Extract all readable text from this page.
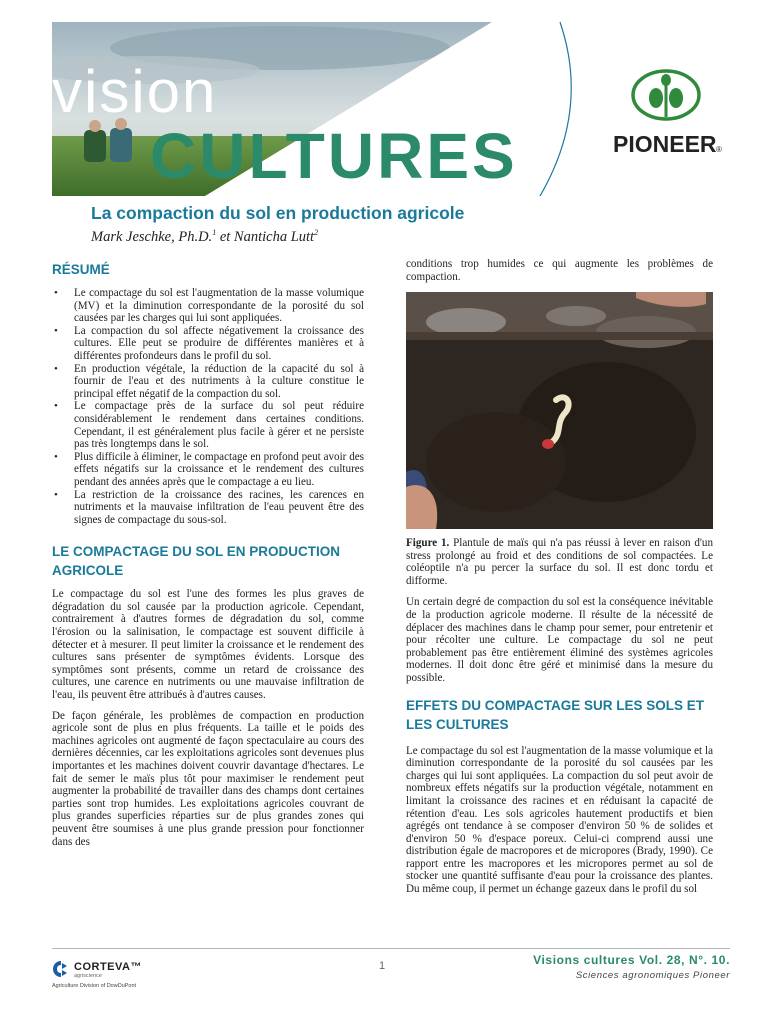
vision
CULTURES	PIONEER ®
La compaction du sol en production agricole
Mark Jeschke, Ph.D.$^1$ et Nanticha Lutt$^2$
RÉSUMÉ
• Le compactage du sol est l'augmentation de la masse volumique (MV) et la diminution correspondante de la porosité du sol causées par les charges qui lui sont appliquées.
• La compaction du sol affecte négativement la croissance des cultures. Elle peut se produire de différentes manières et à différentes profondeurs dans le profil du sol.
• En production végétale, la réduction de la capacité du sol à fournir de l'eau et des nutriments à la culture constitue le principal effet négatif de la compaction du sol.
• Le compactage près de la surface du sol peut réduire considérablement le rendement dans certaines conditions. Cependant, il est généralement plus facile à gérer et ne persiste pas très longtemps dans le sol.
• Plus difficile à éliminer, le compactage en profond peut avoir des effets négatifs sur la croissance et le rendement des cultures pendant des années après que le compactage a eu lieu.
• La restriction de la croissance des racines, les carences en nutriments et la mauvaise infiltration de l'eau peuvent être des signes de compactage du sous-sol.
LE COMPACTAGE DU SOL EN PRODUCTION AGRICOLE

Le compactage du sol est l'une des formes les plus graves de dégradation du sol causée par la production agricole. Cependant, contrairement à d'autres formes de dégradation du sol, comme l'érosion ou la salinisation, le compactage est souvent difficile à détecter et à mesurer. Il peut limiter la croissance et le rendement des cultures sans présenter de symptômes évidents. Lorsque des symptômes sont présents, comme un retard de croissance des cultures, une carence en nutriments ou une mauvaise infiltration de l'eau, ils peuvent être attribués à d'autres causes.

De façon générale, les problèmes de compaction en production agricole sont de plus en plus fréquents. La taille et le poids des machines agricoles ont augmenté de façon spectaculaire au cours des dernières décennies, car les exploitations agricoles sont devenues plus importantes et les machines doivent couvrir davantage d'hectares. Le fait de semer le maïs plus tôt pour maximiser le rendement peut augmenter la probabilité de travailler dans des champs dont certaines parties sont trop humides. Les exploitations agricoles couvrant de plus grandes superficies réparties sur de plus grandes zones qui peuvent être soumises à une plus grande pression pour fonctionner dans des

conditions trop humides ce qui augmente les problèmes de compaction.

Figure 1. Plantule de maïs qui n'a pas réussi à lever en raison d'un stress prolongé au froid et des conditions de sol compactées. Le coléoptile n'a pu percer la surface du sol. Il est donc tordu et difforme.

Un certain degré de compaction du sol est la conséquence inévitable de la production agricole moderne. Il résulte de la nécessité de déplacer des machines dans le champ pour semer, pour entretenir et pour récolter une culture. Le compactage du sol ne peut probablement pas être entièrement éliminé des systèmes agricoles modernes. Il doit donc être géré et minimisé dans la mesure du possible.

EFFETS DU COMPACTAGE SUR LES SOLS ET LES CULTURES

Le compactage du sol est l'augmentation de la masse volumique et la diminution correspondante de la porosité du sol causées par les charges qui lui sont appliquées. La compaction du sol peut avoir de nombreux effets négatifs sur la production végétale, notamment en limitant la croissance des racines et en réduisant la capacité de rétention d'eau. Les sols agricoles hautement productifs et bien agrégés ont tendance à se composer d'environ 50 % de solides et d'environ 50 % d'espace poreux. Celui-ci comprend aussi une distribution égale de macropores et de micropores (Brady, 1990). Ce rapport entre les macropores et les micropores permet au sol de stocker une quantité suffisante d'eau pour la croissance des plantes. Du même coup, il permet un échange gazeux dans le profil du sol

CORTEVA™
agriscience
Agriculture Division of DowDuPont
1	Visions cultures Vol. 28, N°. 10.
Sciences agronomiques Pioneer
